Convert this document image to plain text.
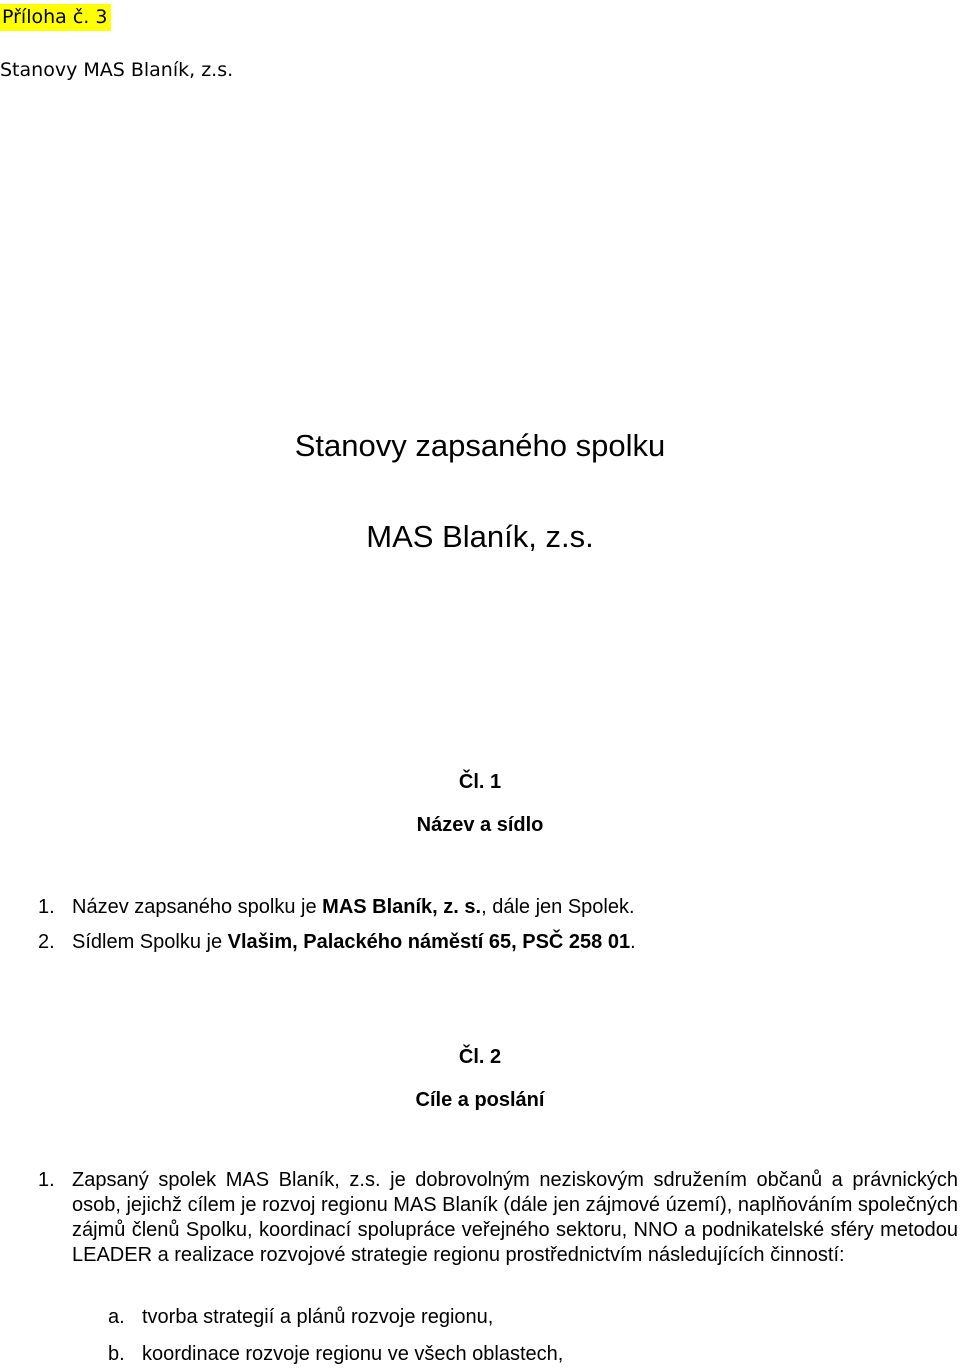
Příloha č. 3
Stanovy MAS Blaník, z.s.
Stanovy zapsaného spolku
MAS Blaník, z.s.
Čl. 1
Název a sídlo
1. Název zapsaného spolku je MAS Blaník, z. s., dále jen Spolek.
2. Sídlem Spolku je Vlašim, Palackého náměstí 65, PSČ 258 01.
Čl. 2
Cíle a poslání
1. Zapsaný spolek MAS Blaník, z.s. je dobrovolným neziskovým sdružením občanů a právnických osob, jejichž cílem je rozvoj regionu MAS Blaník (dále jen zájmové území), naplňováním společných zájmů členů Spolku, koordinací spolupráce veřejného sektoru, NNO a podnikatelské sféry metodou LEADER a realizace rozvojové strategie regionu prostřednictvím následujících činností:
a. tvorba strategií a plánů rozvoje regionu,
b. koordinace rozvoje regionu ve všech oblastech,
